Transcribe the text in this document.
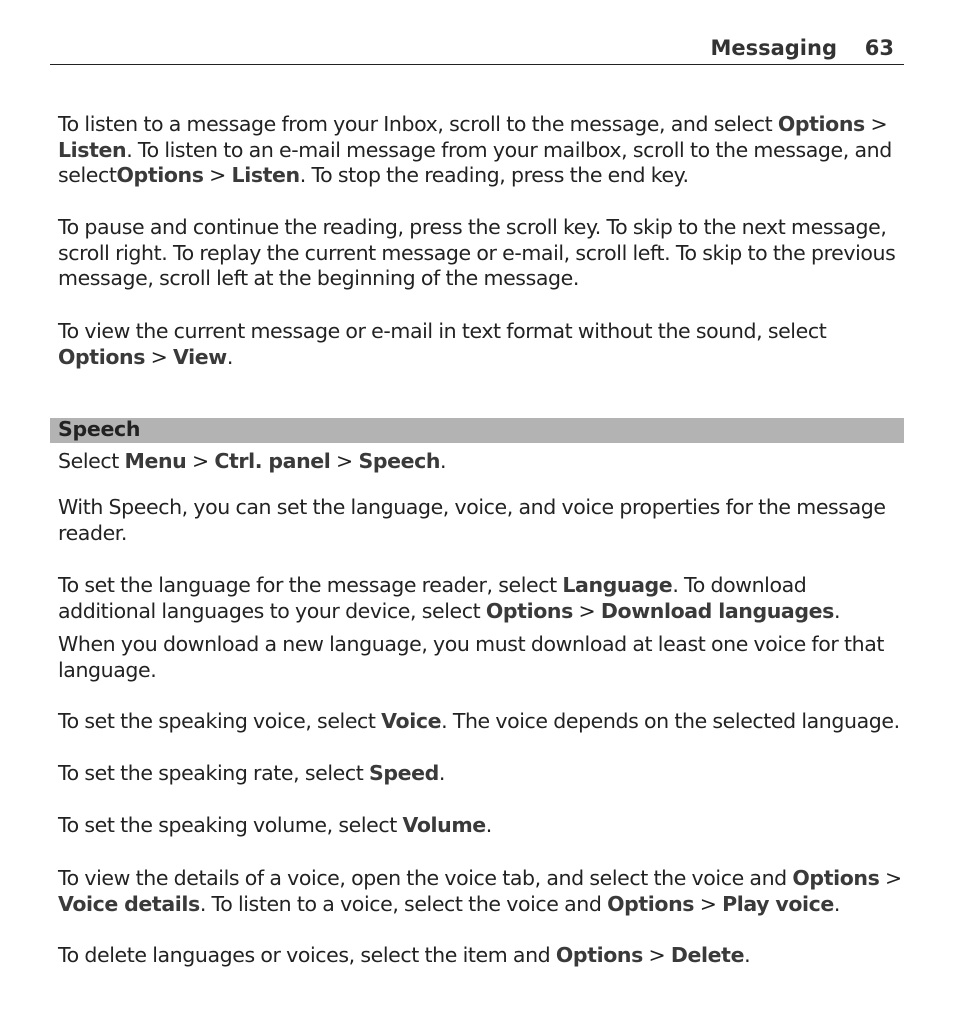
Messaging 63

To listen to a message from your Inbox, scroll to the message, and select Options > Listen. To listen to an e-mail message from your mailbox, scroll to the message, and selectOptions > Listen. To stop the reading, press the end key.

To pause and continue the reading, press the scroll key. To skip to the next message, scroll right. To replay the current message or e-mail, scroll left. To skip to the previous message, scroll left at the beginning of the message.

To view the current message or e-mail in text format without the sound, select Options > View.

Speech

Select Menu > Ctrl. panel > Speech.

With Speech, you can set the language, voice, and voice properties for the message reader.

To set the language for the message reader, select Language. To download additional languages to your device, select Options > Download languages.

When you download a new language, you must download at least one voice for that language.

To set the speaking voice, select Voice. The voice depends on the selected language.

To set the speaking rate, select Speed.

To set the speaking volume, select Volume.

To view the details of a voice, open the voice tab, and select the voice and Options > Voice details. To listen to a voice, select the voice and Options > Play voice.

To delete languages or voices, select the item and Options > Delete.
